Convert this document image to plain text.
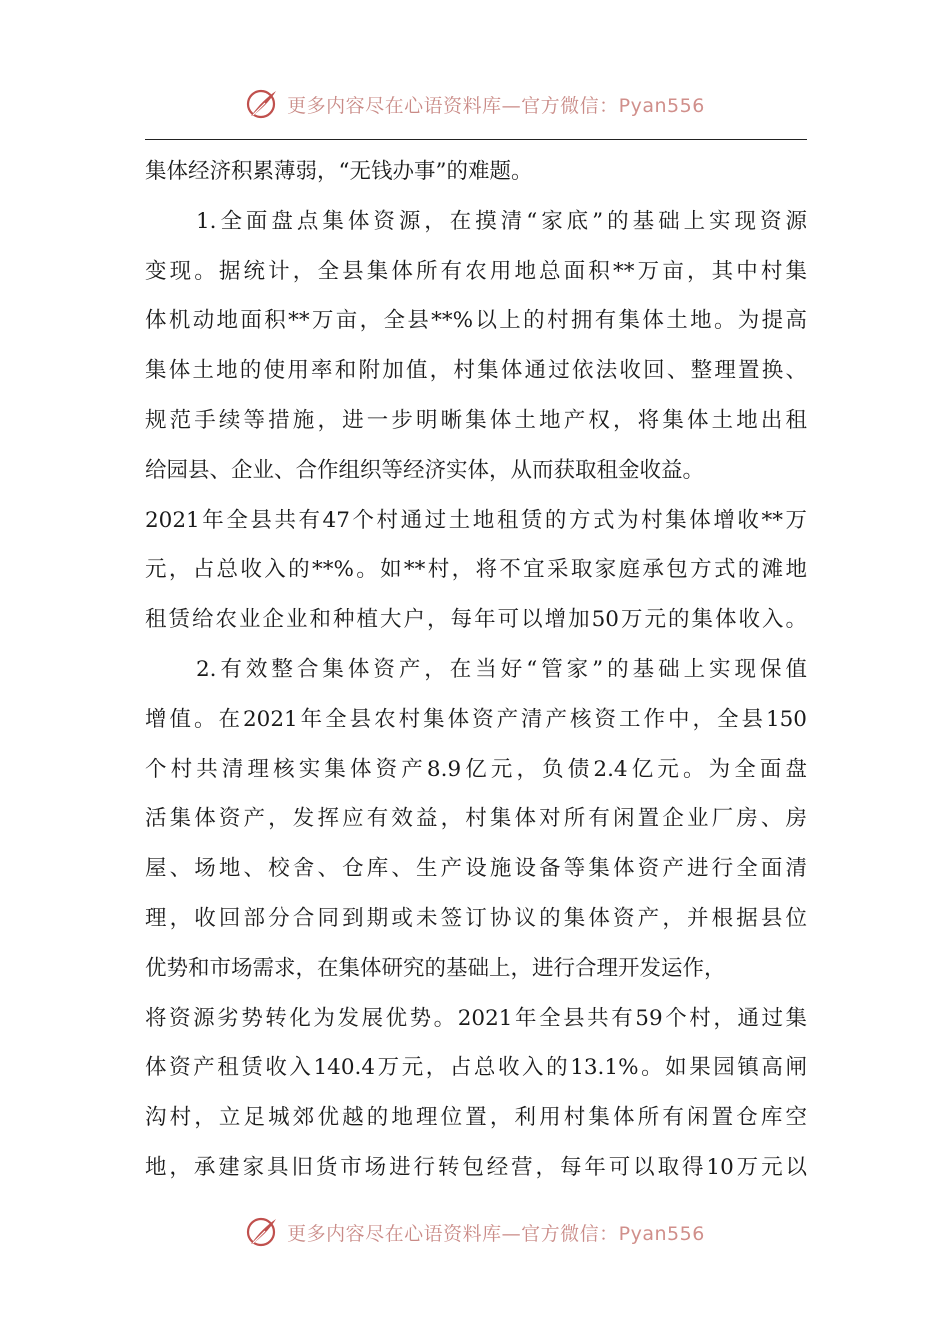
更多内容尽在心语资料库—官方微信：Pyan556
集体经济积累薄弱，“无钱办事”的难题。
　　1.全面盘点集体资源，在摸清“家底”的基础上实现资源
变现。据统计，全县集体所有农用地总面积**万亩，其中村集
体机动地面积**万亩，全县**%以上的村拥有集体土地。为提高
集体土地的使用率和附加值，村集体通过依法收回、整理置换、
规范手续等措施，进一步明晰集体土地产权，将集体土地出租
给园县、企业、合作组织等经济实体，从而获取租金收益。
2021年全县共有47个村通过土地租赁的方式为村集体增收**万
元，占总收入的**%。如**村，将不宜采取家庭承包方式的滩地
租赁给农业企业和种植大户，每年可以增加50万元的集体收入。
　　2.有效整合集体资产，在当好“管家”的基础上实现保值
增值。在2021年全县农村集体资产清产核资工作中，全县150
个村共清理核实集体资产8.9亿元，负债2.4亿元。为全面盘
活集体资产，发挥应有效益，村集体对所有闲置企业厂房、房
屋、场地、校舍、仓库、生产设施设备等集体资产进行全面清
理，收回部分合同到期或未签订协议的集体资产，并根据县位
优势和市场需求，在集体研究的基础上，进行合理开发运作，
将资源劣势转化为发展优势。2021年全县共有59个村，通过集
体资产租赁收入140.4万元，占总收入的13.1%。如果园镇高闸
沟村，立足城郊优越的地理位置，利用村集体所有闲置仓库空
地，承建家具旧货市场进行转包经营，每年可以取得10万元以
更多内容尽在心语资料库—官方微信：Pyan556
